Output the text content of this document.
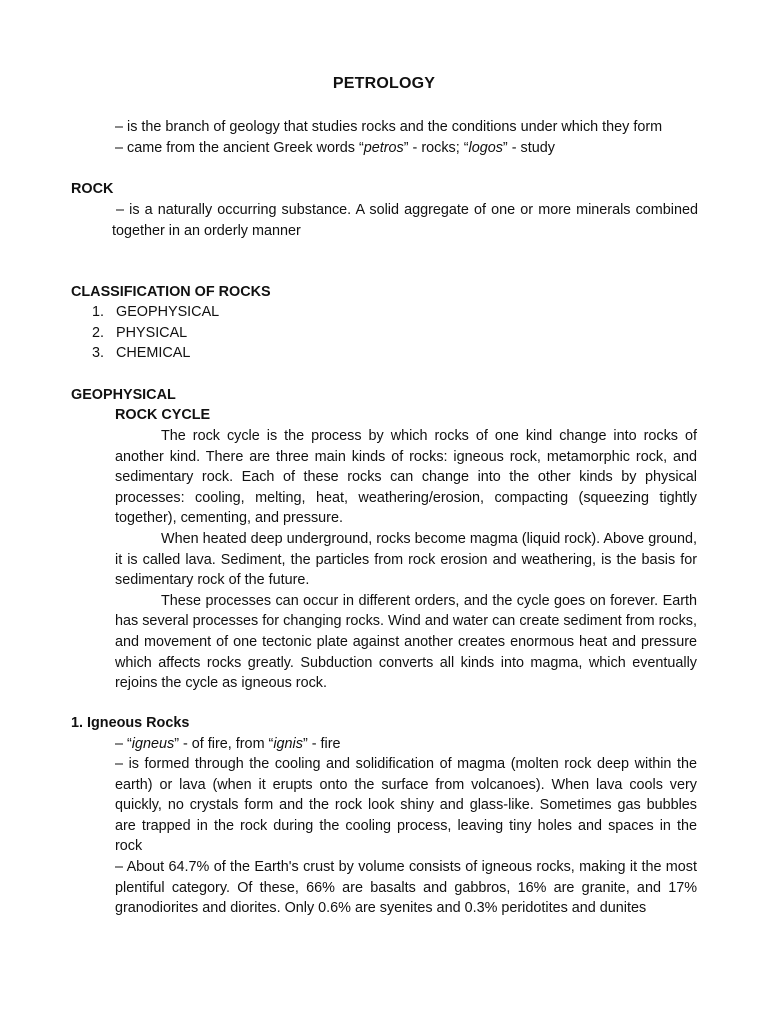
PETROLOGY
– is the branch of geology that studies rocks and the conditions under which they form
– came from the ancient Greek words “petros” - rocks; “logos” - study
ROCK
– is a naturally occurring substance. A solid aggregate of one or more minerals combined together in an orderly manner
CLASSIFICATION OF ROCKS
1. GEOPHYSICAL
2. PHYSICAL
3. CHEMICAL
GEOPHYSICAL
ROCK CYCLE

The rock cycle is the process by which rocks of one kind change into rocks of another kind. There are three main kinds of rocks: igneous rock, metamorphic rock, and sedimentary rock. Each of these rocks can change into the other kinds by physical processes: cooling, melting, heat, weathering/erosion, compacting (squeezing tightly together), cementing, and pressure.

When heated deep underground, rocks become magma (liquid rock). Above ground, it is called lava. Sediment, the particles from rock erosion and weathering, is the basis for sedimentary rock of the future.

These processes can occur in different orders, and the cycle goes on forever. Earth has several processes for changing rocks. Wind and water can create sediment from rocks, and movement of one tectonic plate against another creates enormous heat and pressure which affects rocks greatly. Subduction converts all kinds into magma, which eventually rejoins the cycle as igneous rock.

1. Igneous Rocks
– “igneus” - of fire, from “ignis” - fire

– is formed through the cooling and solidification of magma (molten rock deep within the earth) or lava (when it erupts onto the surface from volcanoes). When lava cools very quickly, no crystals form and the rock look shiny and glass-like. Sometimes gas bubbles are trapped in the rock during the cooling process, leaving tiny holes and spaces in the rock

– About 64.7% of the Earth's crust by volume consists of igneous rocks, making it the most plentiful category. Of these, 66% are basalts and gabbros, 16% are granite, and 17% granodiorites and diorites. Only 0.6% are syenites and 0.3% peridotites and dunites
